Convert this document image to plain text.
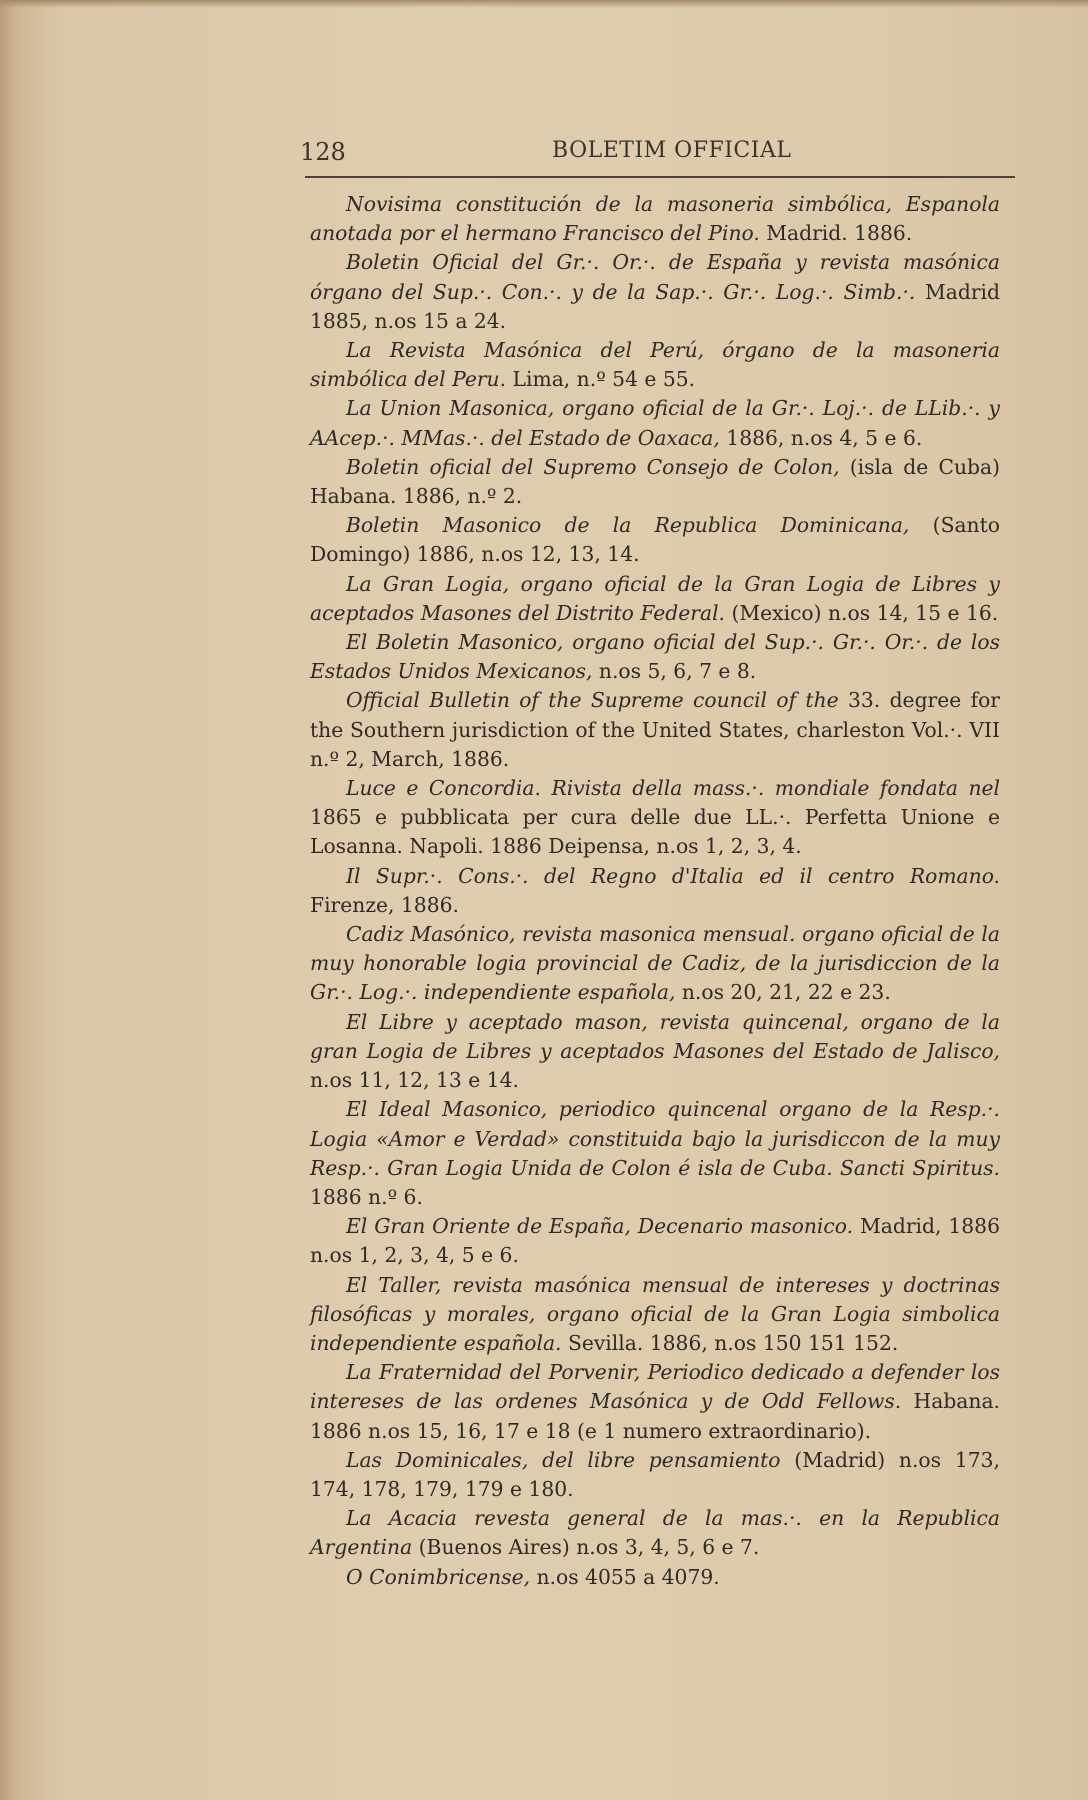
128	BOLETIM OFFICIAL

Novisima constitución de la masoneria simbólica, Espanola anotada por el hermano Francisco del Pino. Madrid. 1886.

Boletin Oficial del Gr.·. Or.·. de España y revista masónica órgano del Sup.·. Con.·. y de la Sap.·. Gr.·. Log.·. Simb.·. Madrid 1885, n.os 15 a 24.

La Revista Masónica del Perú, órgano de la masoneria simbólica del Peru. Lima, n.º 54 e 55.

La Union Masonica, organo oficial de la Gr.·. Loj.·. de LLib.·. y AAcep.·. MMas.·. del Estado de Oaxaca, 1886, n.os 4, 5 e 6.

Boletin oficial del Supremo Consejo de Colon, (isla de Cuba) Habana. 1886, n.º 2.

Boletin Masonico de la Republica Dominicana, (Santo Domingo) 1886, n.os 12, 13, 14.

La Gran Logia, organo oficial de la Gran Logia de Libres y aceptados Masones del Distrito Federal. (Mexico) n.os 14, 15 e 16.

El Boletin Masonico, organo oficial del Sup.·. Gr.·. Or.·. de los Estados Unidos Mexicanos, n.os 5, 6, 7 e 8.

Official Bulletin of the Supreme council of the 33. degree for the Southern jurisdiction of the United States, charleston Vol.·. VII n.º 2, March, 1886.

Luce e Concordia. Rivista della mass.·. mondiale fondata nel 1865 e pubblicata per cura delle due LL.·. Perfetta Unione e Losanna. Napoli. 1886 Deipensa, n.os 1, 2, 3, 4.

Il Supr.·. Cons.·. del Regno d'Italia ed il centro Romano. Firenze, 1886.

Cadiz Masónico, revista masonica mensual. organo oficial de la muy honorable logia provincial de Cadiz, de la jurisdiccion de la Gr.·. Log.·. independiente española, n.os 20, 21, 22 e 23.

El Libre y aceptado mason, revista quincenal, organo de la gran Logia de Libres y aceptados Masones del Estado de Jalisco, n.os 11, 12, 13 e 14.

El Ideal Masonico, periodico quincenal organo de la Resp.·. Logia «Amor e Verdad» constituida bajo la jurisdiccon de la muy Resp.·. Gran Logia Unida de Colon é isla de Cuba. Sancti Spiritus. 1886 n.º 6.

El Gran Oriente de España, Decenario masonico. Madrid, 1886 n.os 1, 2, 3, 4, 5 e 6.

El Taller, revista masónica mensual de intereses y doctrinas filosóficas y morales, organo oficial de la Gran Logia simbolica independiente española. Sevilla. 1886, n.os 150 151 152.

La Fraternidad del Porvenir, Periodico dedicado a defender los intereses de las ordenes Masónica y de Odd Fellows. Habana. 1886 n.os 15, 16, 17 e 18 (e 1 numero extraordinario).

Las Dominicales, del libre pensamiento (Madrid) n.os 173, 174, 178, 179, 179 e 180.

La Acacia revesta general de la mas.·. en la Republica Argentina (Buenos Aires) n.os 3, 4, 5, 6 e 7.

O Conimbricense, n.os 4055 a 4079.
